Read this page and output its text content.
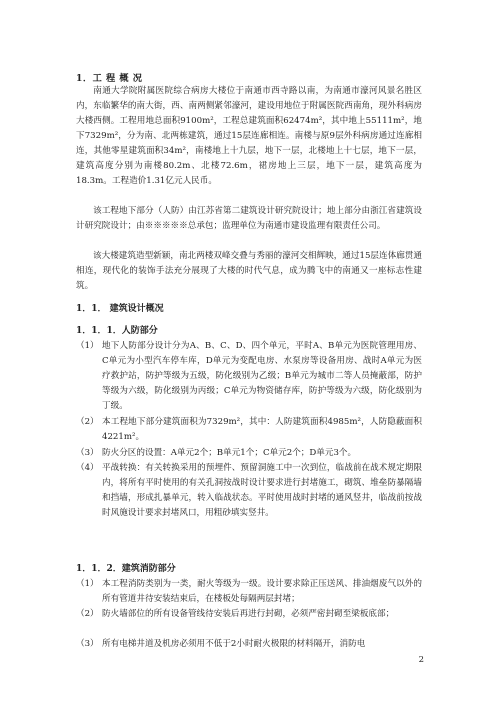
1．工 程 概 况
南通大学院附属医院综合病房大楼位于南通市西寺路以南，为南通市濠河风景名胜区内，东临繁华的南大街，西、南两侧紧邻濠河，建设用地位于附属医院西南角，现外科病房大楼西侧。工程用地总面积9100m²，工程总建筑面积62474m²，其中地上55111m²，地下7329m²，分为南、北两栋建筑，通过15层连廊相连。南楼与原9层外科病房通过连廊相连，其他零星建筑面积34m²，南楼地上十九层，地下一层，北楼地上十七层，地下一层，建筑高度分别为南楼80.2m、北楼72.6m，裙房地上三层，地下一层，建筑高度为18.3m。工程造价1.31亿元人民币。
该工程地下部分（人防）由江苏省第二建筑设计研究院设计；地上部分由浙江省建筑设计研究院设计；由※※※※※总承包；监理单位为南通市建设监理有限责任公司。
该大楼建筑造型新颖，南北两楼双峰交叠与秀丽的濠河交相辉映，通过15层连体廊贯通相连，现代化的装饰手法充分展现了大楼的时代气息，成为腾飞中的南通又一座标志性建筑。
1．1． 建筑设计概况
1．1．1．人防部分
（1） 地下人防部分设计分为A、B、C、D、四个单元，平时A、B单元为医院管理用房、C单元为小型汽车停车库，D单元为变配电房、水泵房等设备用房、战时A单元为医疗救护站，防护等级为五级，防化级别为乙级；B单元为城市二等人员掩蔽部，防护等级为六级，防化级别为丙级；C单元为物资储存库，防护等级为六级，防化级别为丁级。
（2） 本工程地下部分建筑面积为7329m²，其中：人防建筑面积4985m²，人防隐蔽面积4221m²。
（3） 防火分区的设置：A单元2个；B单元1个；C单元2个；D单元3个。
（4） 平战转换：有关转换采用的预埋件、预留洞施工中一次到位，临战前在战术规定期限内，将所有平时使用的有关孔洞按战时设计要求进行封堵施工，砌筑、堆垒防暴隔墙和挡墙，形成扎暴单元，转入临战状态。平时使用战时封堵的通风竖井，临战前按战时风施设计要求封堵风口，用粗砂填实竖井。
1．1．2．建筑消防部分
（1） 本工程消防类别为一类，耐火等级为一级。设计要求除正压送风、排油烟废气以外的所有管道井待安装结束后，在楼板处每隔两层封堵；
（2） 防火墙部位的所有设备管线待安装后再进行封砌，必须严密封砌至梁板底部；
（3） 所有电梯井道及机房必须用不低于2小时耐火极限的材料隔开，消防电
2
